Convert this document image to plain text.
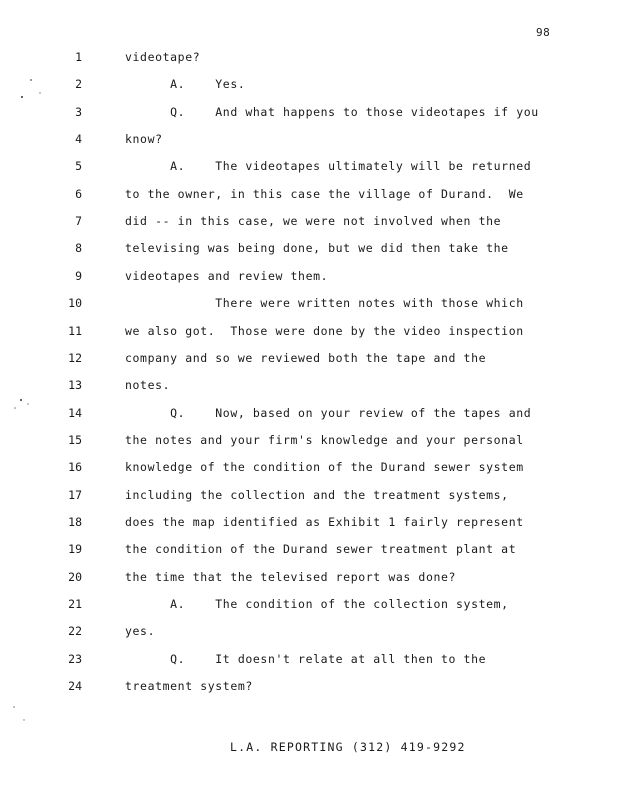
98
1	videotape?
2	A.    Yes.
3	Q.    And what happens to those videotapes if you
4	know?
5	A.    The videotapes ultimately will be returned
6	to the owner, in this case the village of Durand.  We
7	did -- in this case, we were not involved when the
8	televising was being done, but we did then take the
9	videotapes and review them.
10	There were written notes with those which
11	we also got.  Those were done by the video inspection
12	company and so we reviewed both the tape and the
13	notes.
14	Q.    Now, based on your review of the tapes and
15	the notes and your firm's knowledge and your personal
16	knowledge of the condition of the Durand sewer system
17	including the collection and the treatment systems,
18	does the map identified as Exhibit 1 fairly represent
19	the condition of the Durand sewer treatment plant at
20	the time that the televised report was done?
21	A.    The condition of the collection system,
22	yes.
23	Q.    It doesn't relate at all then to the
24	treatment system?
L.A. REPORTING (312) 419-9292
